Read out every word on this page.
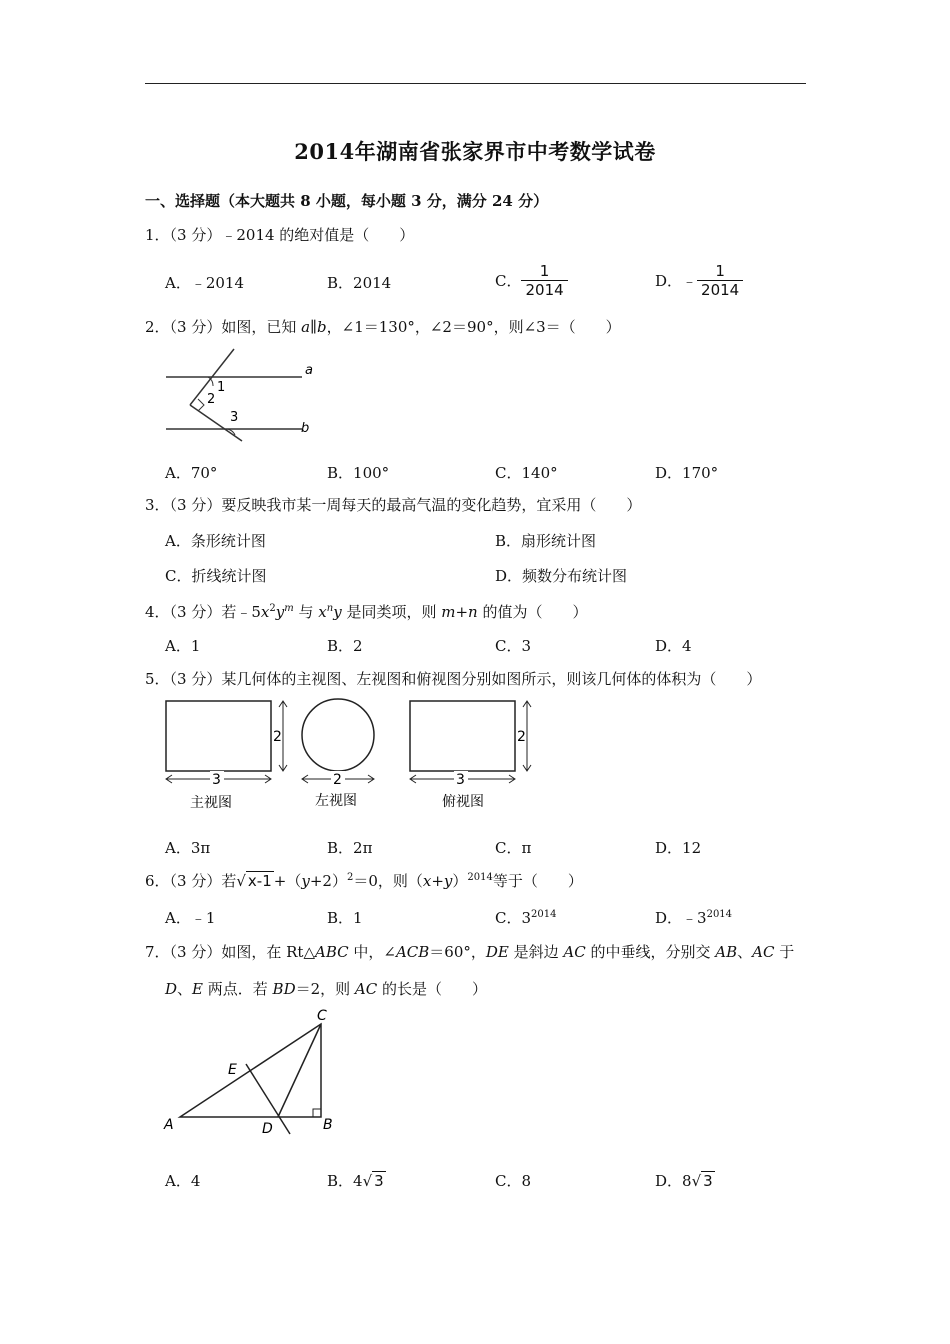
2014年湖南省张家界市中考数学试卷
一、选择题（本大题共 8 小题，每小题 3 分，满分 24 分）
1．（3 分）﹣2014 的绝对值是（　　）
A．﹣2014	B．2014	C． $\frac{1}{2014}$	D．﹣ $\frac{1}{2014}$
2．（3 分）如图，已知 a∥b，∠1＝130°，∠2＝90°，则∠3＝（　　）
a
b
1
2
3
A．70°	B．100°	C．140°	D．170°
3．（3 分）要反映我市某一周每天的最高气温的变化趋势，宜采用（　　）
A．条形统计图	B．扇形统计图
C．折线统计图	D．频数分布统计图
4．（3 分）若$﹣5x^2y^m$ 与 $x^ny$ 是同类项，则 m+n 的值为（　　）
A．1	B．2	C．3	D．4
5．（3 分）某几何体的主视图、左视图和俯视图分别如图所示，则该几何体的体积为（　　）
2
3
主视图
2
左视图
2
3
俯视图
A．3π	B．2π	C．π	D．12
6．（3 分）若√ $x-1 +(y+2)^2=0$，则$(x+y)^{2014}$等于（　　）
A．﹣1	B．1	C．$3^{2014}$	D．$﹣3^{2014}$
7．（3 分）如图，在 Rt△ABC 中，∠ACB＝60°，DE 是斜边 AC 的中垂线，分别交 AB、AC 于
D、E 两点．若 BD＝2，则 AC 的长是（　　）
A	B
C
D
E
A．4	B．4√ 3	C．8	D．8√ 3
